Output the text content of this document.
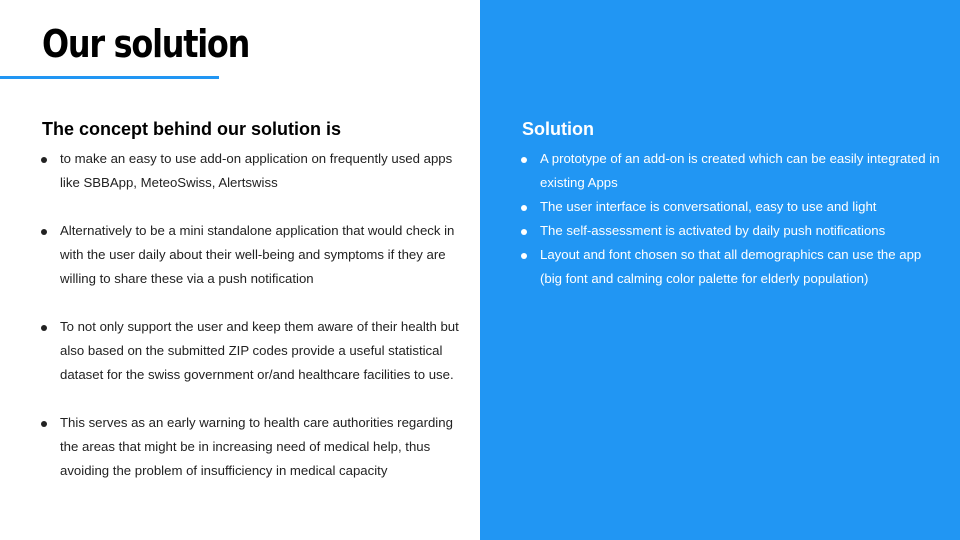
Our solution
The concept behind our solution is
to make an easy to use add-on application on frequently used apps like SBBApp, MeteoSwiss, Alertswiss
Alternatively to be a mini standalone application that would check in with the user daily about their well-being and symptoms if they are willing to share these via a push notification
To not only support the user and keep them aware of their health but also based on the submitted ZIP codes provide a useful statistical dataset for the swiss government or/and healthcare facilities to use.
This serves as an early warning to health care authorities regarding the areas that might be in increasing need of medical help, thus avoiding the problem of insufficiency in medical capacity
Solution
A prototype of an add-on is created which can be easily integrated in existing Apps
The user interface is conversational, easy to use and light
The self-assessment is activated by daily push notifications
Layout and font chosen so that all demographics can use the app (big font and calming color palette for elderly population)
